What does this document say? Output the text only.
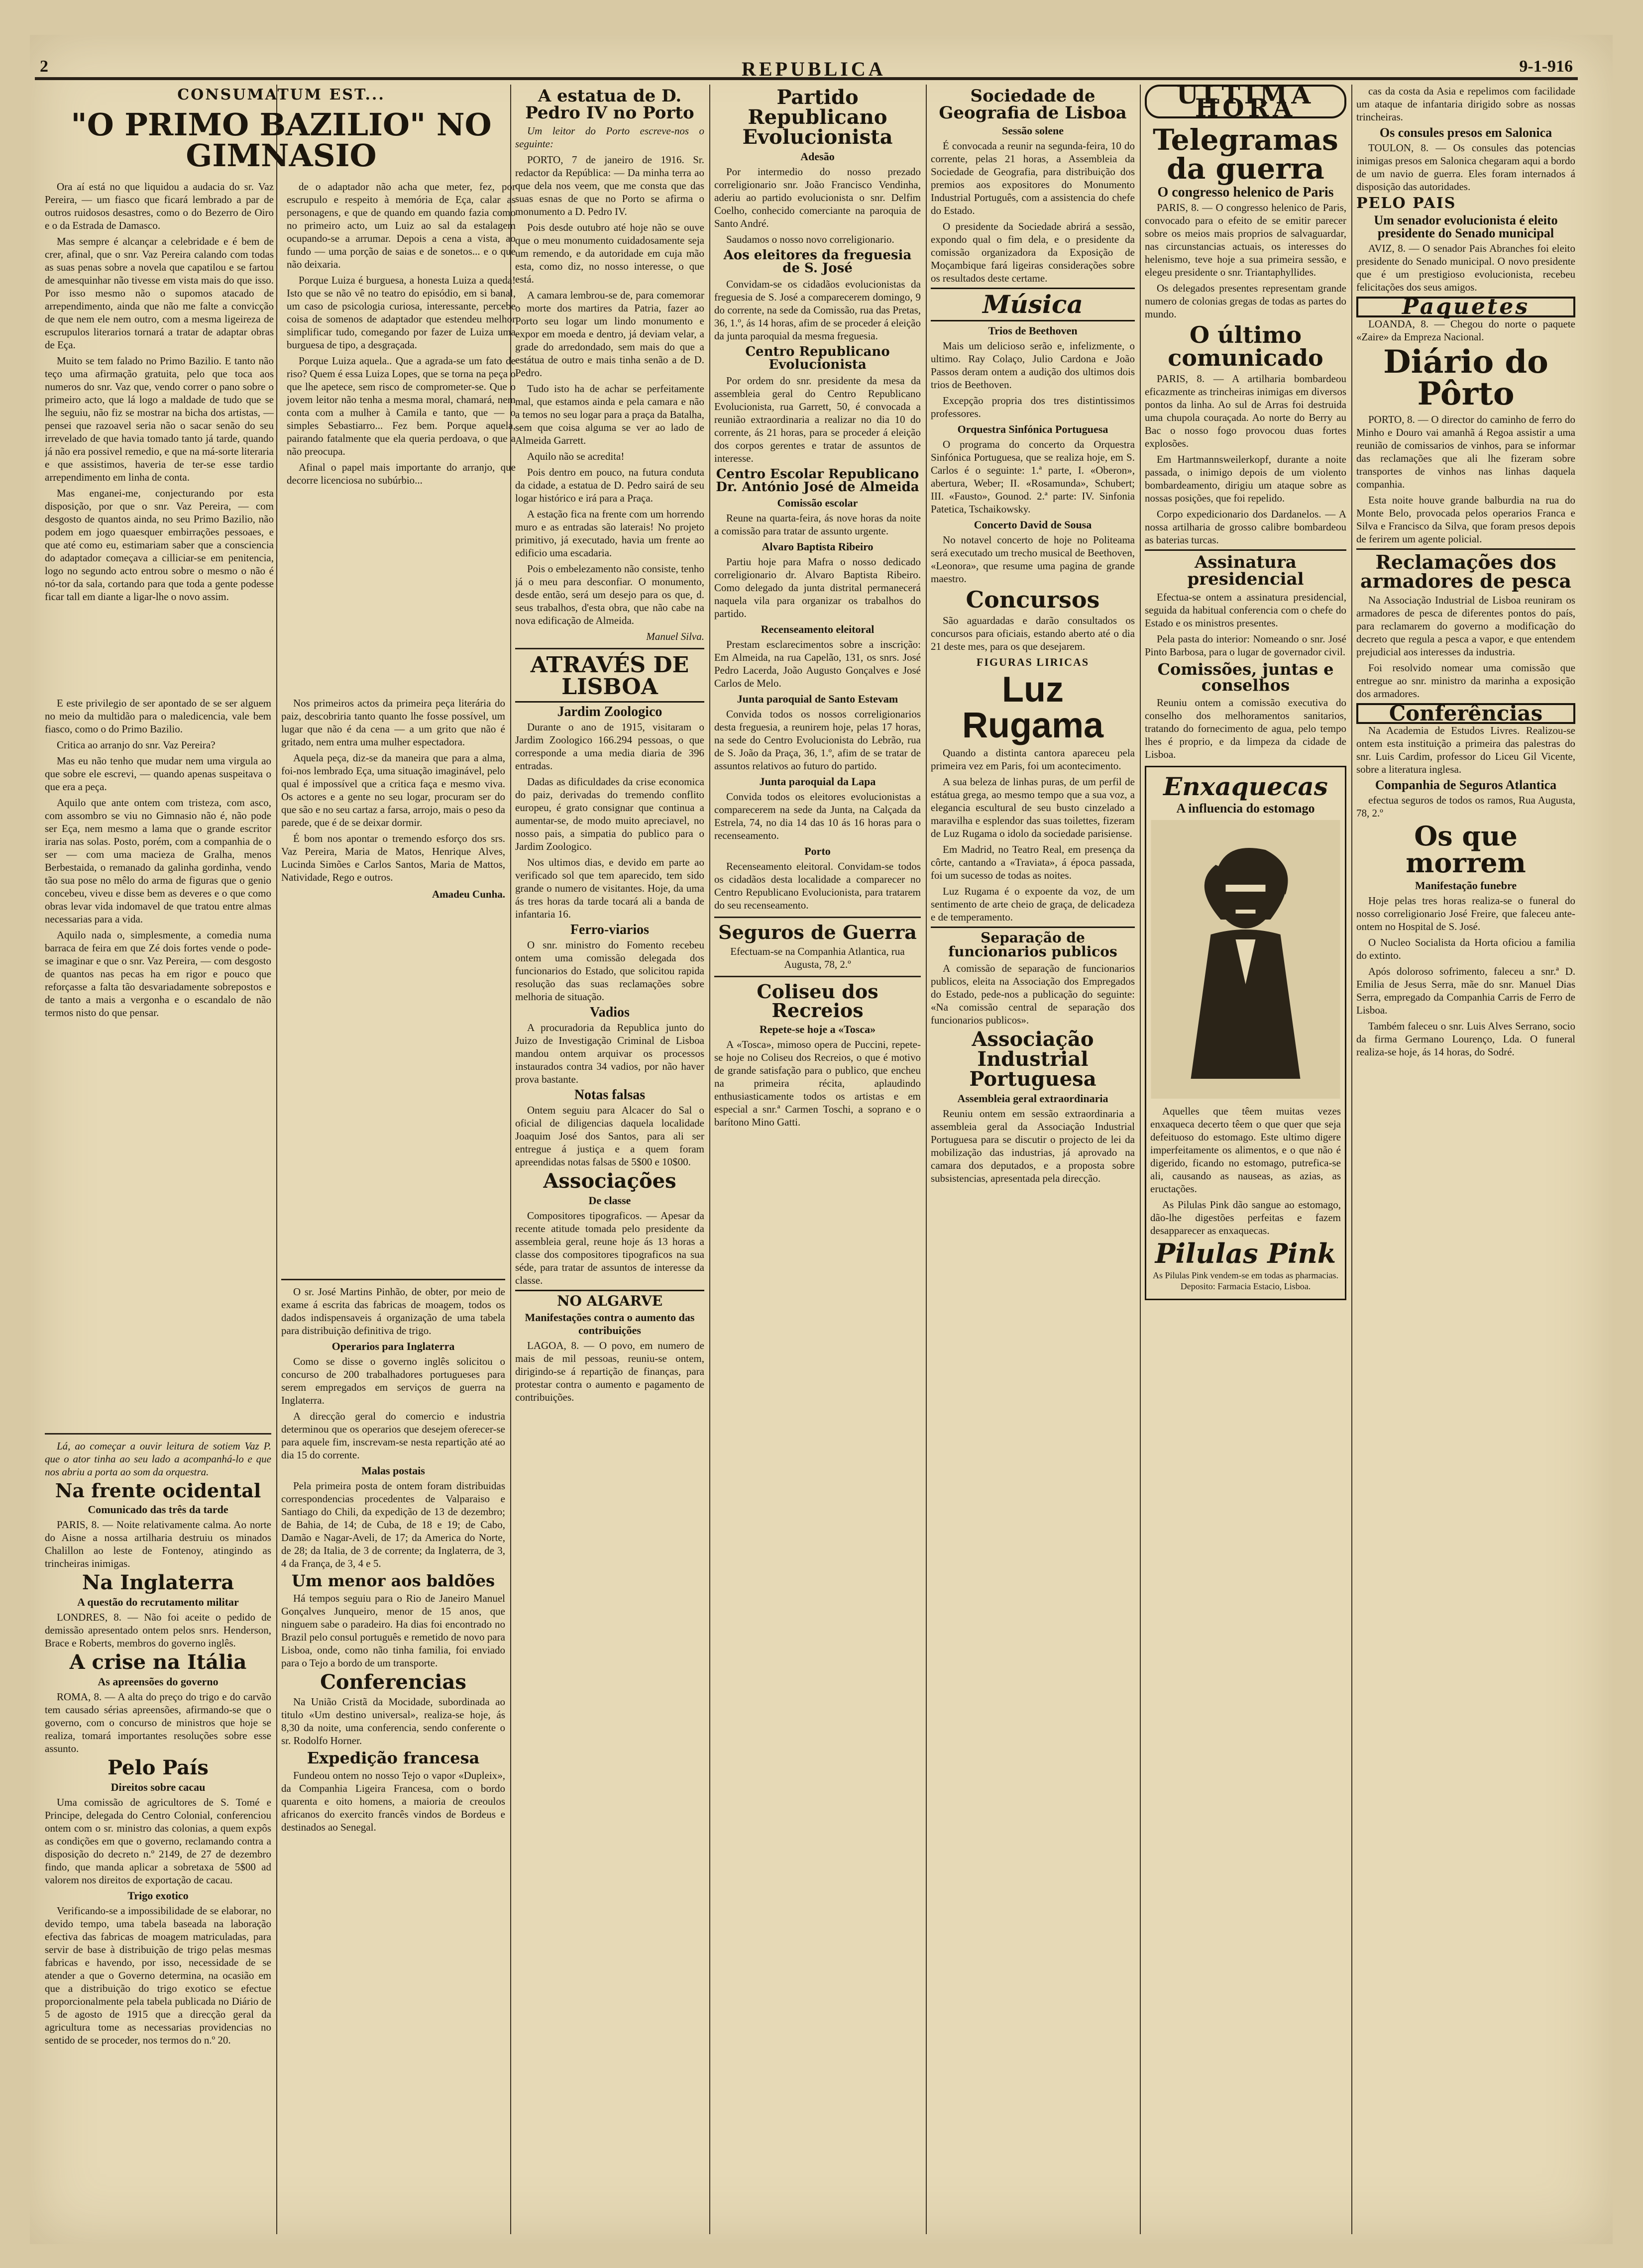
2	REPUBLICA	9-1-916
CONSUMATUM EST...
"O PRIMO BAZILIO" NO GIMNASIO

Ora aí está no que liquidou a audacia do sr. Vaz Pereira, — um fiasco que ficará lembrado a par de outros ruidosos desastres, como o do Bezerro de Oiro e o da Estrada de Damasco.

Mas sempre é alcançar a celebridade e é bem de crer, afinal, que o snr. Vaz Pereira calando com todas as suas penas sobre a novela que capatilou e se fartou de amesquinhar não tivesse em vista mais do que isso. Por isso mesmo não o supomos atacado de arrependimento, ainda que não me falte a convicção de que nem ele nem outro, com a mesma ligeireza de escrupulos literarios tornará a tratar de adaptar obras de Eça.

Muito se tem falado no Primo Bazilio. E tanto não teço uma afirmação gratuita, pelo que toca aos numeros do snr. Vaz que, vendo correr o pano sobre o primeiro acto, que lá logo a maldade de tudo que se lhe seguiu, não fiz se mostrar na bicha dos artistas, — pensei que razoavel seria não o sacar senão do seu irrevelado de que havia tomado tanto já tarde, quando já não era possivel remedio, e que na má-sorte literaria e que assistimos, haveria de ter-se esse tardio arrependimento em linha de conta.

Mas enganei-me, conjecturando por esta disposição, por que o snr. Vaz Pereira, — com desgosto de quantos ainda, no seu Primo Bazilio, não podem em jogo quaesquer embirrações pessoaes, e que até como eu, estimariam saber que a consciencia do adaptador começava a cilliciar-se em penitencia, logo no segundo acto entrou sobre o mesmo o não é nó-tor da sala, cortando para que toda a gente podesse ficar tall em diante a ligar-lhe o novo assim.

de o adaptador não acha que meter, fez, por escrupulo e respeito à memória de Eça, calar as personagens, e que de quando em quando fazia como no primeiro acto, um Luiz ao sal da estalagem ocupando-se a arrumar. Depois a cena a vista, ao fundo — uma porção de saias e de sonetos... e o que não deixaria.

Porque Luiza é burguesa, a honesta Luiza a queda! Isto que se não vê no teatro do episódio, em si banal, um caso de psicologia curiosa, interessante, percebe coisa de somenos de adaptador que estendeu melhor simplificar tudo, comegando por fazer de Luiza uma burguesa de tipo, a desgraçada.

Porque Luiza aquela.. Que a agrada-se um fato de riso? Quem é essa Luiza Lopes, que se torna na peça o que lhe apetece, sem risco de comprometer-se. Que o jovem leitor não tenha a mesma moral, chamará, nem conta com a mulher à Camila e tanto, que — o simples Sebastiarro... Fez bem. Porque aquela, pairando fatalmente que ela queria perdoava, o que a não preocupa.

Afinal o papel mais importante do arranjo, que decorre licenciosa no subúrbio...

E este privilegio de ser apontado de se ser alguem no meio da multidão para o maledicencia, vale bem fiasco, como o do Primo Bazilio.

Critica ao arranjo do snr. Vaz Pereira?

Mas eu não tenho que mudar nem uma virgula ao que sobre ele escrevi, — quando apenas suspeitava o que era a peça.

Aquilo que ante ontem com tristeza, com asco, com assombro se viu no Gimnasio não é, não pode ser Eça, nem mesmo a lama que o grande escritor iraria nas solas. Posto, porém, com a companhia de o ser — com uma macieza de Gralha, menos Berbestaida, o remanado da galinha gordinha, vendo tão sua pose no mêlo do arma de figuras que o genio concebeu, viveu e disse bem as deveres e o que como obras levar vida indomavel de que tratou entre almas necessarias para a vida.

Aquilo nada o, simplesmente, a comedia numa barraca de feira em que Zé dois fortes vende o pode-se imaginar e que o snr. Vaz Pereira, — com desgosto de quantos nas pecas ha em rigor e pouco que reforçasse a falta tão desvariadamente sobrepostos e de tanto a mais a vergonha e o escandalo de não termos nisto do que pensar.

Nos primeiros actos da primeira peça literária do paiz, descobriria tanto quanto lhe fosse possível, um lugar que não é da cena — a um grito que não é gritado, nem entra uma mulher espectadora.

Aquela peça, diz-se da maneira que para a alma, foi-nos lembrado Eça, uma situação imaginável, pelo qual é impossível que a critica faça e mesmo viva. Os actores e a gente no seu logar, procuram ser do que são e no seu cartaz a farsa, arrojo, mais o peso da parede, que é de se deixar dormir.

É bom nos apontar o tremendo esforço dos srs. Vaz Pereira, Maria de Matos, Henrique Alves, Lucinda Simões e Carlos Santos, Maria de Mattos, Natividade, Rego e outros.

Amadeu Cunha.

Lá, ao começar a ouvir leitura de sotiem Vaz P. que o ator tinha ao seu lado a acompanhá-lo e que nos abriu a porta ao som da orquestra.

Na frente ocidental
Comunicado das três da tarde

PARIS, 8. — Noite relativamente calma. Ao norte do Aisne a nossa artilharia destruiu os minados Chalillon ao leste de Fontenoy, atingindo as trincheiras inimigas.

Na Inglaterra
A questão do recrutamento militar

LONDRES, 8. — Não foi aceite o pedido de demissão apresentado ontem pelos snrs. Henderson, Brace e Roberts, membros do governo inglês.

A crise na Itália
As apreensões do governo

ROMA, 8. — A alta do preço do trigo e do carvão tem causado sérias apreensões, afirmando-se que o governo, com o concurso de ministros que hoje se realiza, tomará importantes resoluções sobre esse assunto.

Pelo País
Direitos sobre cacau

Uma comissão de agricultores de S. Tomé e Principe, delegada do Centro Colonial, conferenciou ontem com o sr. ministro das colonias, a quem expôs as condições em que o governo, reclamando contra a disposição do decreto n.º 2149, de 27 de dezembro findo, que manda aplicar a sobretaxa de 5$00 ad valorem nos direitos de exportação de cacau.

Trigo exotico

Verificando-se a impossibilidade de se elaborar, no devido tempo, uma tabela baseada na laboração efectiva das fabricas de moagem matriculadas, para servir de base à distribuição de trigo pelas mesmas fabricas e havendo, por isso, necessidade de se atender a que o Governo determina, na ocasião em que a distribuição do trigo exotico se efectue proporcionalmente pela tabela publicada no Diário de 5 de agosto de 1915 que a direcção geral da agricultura tome as necessarias providencias no sentido de se proceder, nos termos do n.º 20.

O sr. José Martins Pinhão, de obter, por meio de exame á escrita das fabricas de moagem, todos os dados indispensaveis á organização de uma tabela para distribuição definitiva de trigo.

Operarios para Inglaterra

Como se disse o governo inglês solicitou o concurso de 200 trabalhadores portugueses para serem empregados em serviços de guerra na Inglaterra.

A direcção geral do comercio e industria determinou que os operarios que desejem oferecer-se para aquele fim, inscrevam-se nesta repartição até ao dia 15 do corrente.

Malas postais

Pela primeira posta de ontem foram distribuidas correspondencias procedentes de Valparaiso e Santiago do Chili, da expedição de 13 de dezembro; de Bahia, de 14; de Cuba, de 18 e 19; de Cabo, Damão e Nagar-Aveli, de 17; da America do Norte, de 28; da Italia, de 3 de corrente; da Inglaterra, de 3, 4 da França, de 3, 4 e 5.

Um menor aos baldões

Há tempos seguiu para o Rio de Janeiro Manuel Gonçalves Junqueiro, menor de 15 anos, que ninguem sabe o paradeiro. Ha dias foi encontrado no Brazil pelo consul português e remetido de novo para Lisboa, onde, como não tinha familia, foi enviado para o Tejo a bordo de um transporte.

Conferencias

Na União Cristã da Mocidade, subordinada ao titulo «Um destino universal», realiza-se hoje, ás 8,30 da noite, uma conferencia, sendo conferente o sr. Rodolfo Horner.

Expedição francesa

Fundeou ontem no nosso Tejo o vapor «Dupleix», da Companhia Ligeira Francesa, com o bordo quarenta e oito homens, a maioria de creoulos africanos do exercito francês vindos de Bordeus e destinados ao Senegal.

A estatua de D. Pedro IV no Porto

Um leitor do Porto escreve-nos o seguinte:

PORTO, 7 de janeiro de 1916. Sr. redactor da República: — Da minha terra ao que dela nos veem, que me consta que das suas esnas de que no Porto se afirma o monumento a D. Pedro IV.

Pois desde outubro até hoje não se ouve que o meu monumento cuidadosamente seja um remendo, e da autoridade em cuja mão esta, como diz, no nosso interesse, o que está.

A camara lembrou-se de, para comemorar o morte dos martires da Patria, fazer ao Porto seu logar um lindo monumento e expor em moeda e dentro, já deviam velar, a grade do arredondado, sem mais do que a estátua de outro e mais tinha senão a de D. Pedro.

Tudo isto ha de achar se perfeitamente mal, que estamos ainda e pela camara e não a temos no seu logar para a praça da Batalha, sem que coisa alguma se ver ao lado de Almeida Garrett.

Aquilo não se acredita!

Pois dentro em pouco, na futura conduta da cidade, a estatua de D. Pedro sairá de seu logar histórico e irá para a Praça.

A estação fica na frente com um horrendo muro e as entradas são laterais! No projeto primitivo, já executado, havia um frente ao edificio uma escadaria.

Pois o embelezamento não consiste, tenho já o meu para desconfiar. O monumento, desde então, será um desejo para os que, d. seus trabalhos, d'esta obra, que não cabe na nova edificação de Almeida.

Manuel Silva.
ATRAVÉS DE LISBOA
Jardim Zoologico

Durante o ano de 1915, visitaram o Jardim Zoologico 166.294 pessoas, o que corresponde a uma media diaria de 396 entradas.

Dadas as dificuldades da crise economica do paiz, derivadas do tremendo conflito europeu, é grato consignar que continua a aumentar-se, de modo muito apreciavel, no nosso pais, a simpatia do publico para o Jardim Zoologico.

Nos ultimos dias, e devido em parte ao verificado sol que tem aparecido, tem sido grande o numero de visitantes. Hoje, da uma ás tres horas da tarde tocará ali a banda de infantaria 16.

Ferro-viarios

O snr. ministro do Fomento recebeu ontem uma comissão delegada dos funcionarios do Estado, que solicitou rapida resolução das suas reclamações sobre melhoria de situação.

Vadios

A procuradoria da Republica junto do Juizo de Investigação Criminal de Lisboa mandou ontem arquivar os processos instaurados contra 34 vadios, por não haver prova bastante.

Notas falsas

Ontem seguiu para Alcacer do Sal o oficial de diligencias daquela localidade Joaquim José dos Santos, para ali ser entregue á justiça e a quem foram apreendidas notas falsas de 5$00 e 10$00.

Associações
De classe

Compositores tipograficos. — Apesar da recente atitude tomada pelo presidente da assembleia geral, reune hoje ás 13 horas a classe dos compositores tipograficos na sua séde, para tratar de assuntos de interesse da classe.

NO ALGARVE
Manifestações contra o aumento das contribuições

LAGOA, 8. — O povo, em numero de mais de mil pessoas, reuniu-se ontem, dirigindo-se á repartição de finanças, para protestar contra o aumento e pagamento de contribuições.

Partido Republicano Evolucionista
Adesão

Por intermedio do nosso prezado correligionario snr. João Francisco Vendinha, aderiu ao partido evolucionista o snr. Delfim Coelho, conhecido comerciante na paroquia de Santo André.

Saudamos o nosso novo correligionario.

Aos eleitores da freguesia de S. José

Convidam-se os cidadãos evolucionistas da freguesia de S. José a comparecerem domingo, 9 do corrente, na sede da Comissão, rua das Pretas, 36, 1.º, ás 14 horas, afim de se proceder á eleição da junta paroquial da mesma freguesia.

Centro Republicano Evolucionista

Por ordem do snr. presidente da mesa da assembleia geral do Centro Republicano Evolucionista, rua Garrett, 50, é convocada a reunião extraordinaria a realizar no dia 10 do corrente, ás 21 horas, para se proceder á eleição dos corpos gerentes e tratar de assuntos de interesse.

Centro Escolar Republicano Dr. António José de Almeida
Comissão escolar

Reune na quarta-feira, ás nove horas da noite a comissão para tratar de assunto urgente.

Alvaro Baptista Ribeiro

Partiu hoje para Mafra o nosso dedicado correligionario dr. Alvaro Baptista Ribeiro. Como delegado da junta distrital permanecerá naquela vila para organizar os trabalhos do partido.

Recenseamento eleitoral

Prestam esclarecimentos sobre a inscrição: Em Almeida, na rua Capelão, 131, os snrs. José Pedro Lacerda, João Augusto Gonçalves e José Carlos de Melo.

Junta paroquial de Santo Estevam

Convida todos os nossos correligionarios desta freguesia, a reunirem hoje, pelas 17 horas, na sede do Centro Evolucionista do Lebrão, rua de S. João da Praça, 36, 1.º, afim de se tratar de assuntos relativos ao futuro do partido.

Junta paroquial da Lapa

Convida todos os eleitores evolucionistas a comparecerem na sede da Junta, na Calçada da Estrela, 74, no dia 14 das 10 ás 16 horas para o recenseamento.

Porto

Recenseamento eleitoral. Convidam-se todos os cidadãos desta localidade a comparecer no Centro Republicano Evolucionista, para tratarem do seu recenseamento.

Seguros de Guerra

Efectuam-se na Companhia Atlantica, rua Augusta, 78, 2.º

Coliseu dos Recreios
Repete-se hoje a «Tosca»

A «Tosca», mimoso opera de Puccini, repete-se hoje no Coliseu dos Recreios, o que é motivo de grande satisfação para o publico, que encheu na primeira récita, aplaudindo enthusiasticamente todos os artistas e em especial a snr.ª Carmen Toschi, a soprano e o barítono Mino Gatti.

Sociedade de Geografia de Lisboa
Sessão solene

É convocada a reunir na segunda-feira, 10 do corrente, pelas 21 horas, a Assembleia da Sociedade de Geografia, para distribuição dos premios aos expositores do Monumento Industrial Português, com a assistencia do chefe do Estado.

O presidente da Sociedade abrirá a sessão, expondo qual o fim dela, e o presidente da comissão organizadora da Exposição de Moçambique fará ligeiras considerações sobre os resultados deste certame.

Música
Trios de Beethoven

Mais um delicioso serão e, infelizmente, o ultimo. Ray Colaço, Julio Cardona e João Passos deram ontem a audição dos ultimos dois trios de Beethoven.

Excepção propria dos tres distintissimos professores.

Orquestra Sinfónica Portuguesa

O programa do concerto da Orquestra Sinfónica Portuguesa, que se realiza hoje, em S. Carlos é o seguinte: 1.ª parte, I. «Oberon», abertura, Weber; II. «Rosamunda», Schubert; III. «Fausto», Gounod. 2.ª parte: IV. Sinfonia Patetica, Tschaikowsky.

Concerto David de Sousa

No notavel concerto de hoje no Politeama será executado um trecho musical de Beethoven, «Leonora», que resume uma pagina de grande maestro.

Concursos

São aguardadas e darão consultados os concursos para oficiais, estando aberto até o dia 21 deste mes, para os que desejarem.

FIGURAS LIRICAS
Luz Rugama

Quando a distinta cantora apareceu pela primeira vez em Paris, foi um acontecimento.

A sua beleza de linhas puras, de um perfil de estátua grega, ao mesmo tempo que a sua voz, a elegancia escultural de seu busto cinzelado a maravilha e esplendor das suas toilettes, fizeram de Luz Rugama o idolo da sociedade parisiense.

Em Madrid, no Teatro Real, em presença da côrte, cantando a «Traviata», á época passada, foi um sucesso de todas as noites.

Luz Rugama é o expoente da voz, de um sentimento de arte cheio de graça, de delicadeza e de temperamento.

Separação de funcionarios publicos

A comissão de separação de funcionarios publicos, eleita na Associação dos Empregados do Estado, pede-nos a publicação do seguinte: «Na comissão central de separação dos funcionarios publicos».

Associação Industrial Portuguesa
Assembleia geral extraordinaria

Reuniu ontem em sessão extraordinaria a assembleia geral da Associação Industrial Portuguesa para se discutir o projecto de lei da mobilização das industrias, já aprovado na camara dos deputados, e a proposta sobre subsistencias, apresentada pela direcção.

ULTIMA HORA
Telegramas da guerra
O congresso helenico de Paris

PARIS, 8. — O congresso helenico de Paris, convocado para o efeito de se emitir parecer sobre os meios mais proprios de salvaguardar, nas circunstancias actuais, os interesses do helenismo, teve hoje a sua primeira sessão, e elegeu presidente o snr. Triantaphyllides.

Os delegados presentes representam grande numero de colonias gregas de todas as partes do mundo.

O último comunicado

PARIS, 8. — A artilharia bombardeou eficazmente as trincheiras inimigas em diversos pontos da linha. Ao sul de Arras foi destruida uma chupola couraçada. Ao norte do Berry au Bac o nosso fogo provocou duas fortes explosões.

Em Hartmannsweilerkopf, durante a noite passada, o inimigo depois de um violento bombardeamento, dirigiu um ataque sobre as nossas posições, que foi repelido.

Corpo expedicionario dos Dardanelos. — A nossa artilharia de grosso calibre bombardeou as baterias turcas.

Assinatura presidencial

Efectua-se ontem a assinatura presidencial, seguida da habitual conferencia com o chefe do Estado e os ministros presentes.

Pela pasta do interior: Nomeando o snr. José Pinto Barbosa, para o lugar de governador civil.

Comissões, juntas e conselhos

Reuniu ontem a comissão executiva do conselho dos melhoramentos sanitarios, tratando do fornecimento de agua, pelo tempo lhes é proprio, e da limpeza da cidade de Lisboa.

Enxaquecas
A influencia do estomago

Aquelles que têem muitas vezes enxaqueca decerto têem o que quer que seja defeituoso do estomago. Este ultimo digere imperfeitamente os alimentos, e o que não é digerido, ficando no estomago, putrefica-se ali, causando as nauseas, as azias, as eructações.

As Pilulas Pink dão sangue ao estomago, dão-lhe digestões perfeitas e fazem desapparecer as enxaquecas.

Pilulas Pink

As Pilulas Pink vendem-se em todas as pharmacias. Deposito: Farmacia Estacio, Lisboa.

cas da costa da Asia e repelimos com facilidade um ataque de infantaria dirigido sobre as nossas trincheiras.

Os consules presos em Salonica

TOULON, 8. — Os consules das potencias inimigas presos em Salonica chegaram aqui a bordo de um navio de guerra. Eles foram internados á disposição das autoridades.

PELO PAIS
Um senador evolucionista é eleito presidente do Senado municipal

AVIZ, 8. — O senador Pais Abranches foi eleito presidente do Senado municipal. O novo presidente que é um prestigioso evolucionista, recebeu felicitações dos seus amigos.

Paquetes

LOANDA, 8. — Chegou do norte o paquete «Zaire» da Empreza Nacional.

Diário do Pôrto

PORTO, 8. — O director do caminho de ferro do Minho e Douro vai amanhã á Regoa assistir a uma reunião de comissarios de vinhos, para se informar das reclamações que ali lhe fizeram sobre transportes de vinhos nas linhas daquela companhia.

Esta noite houve grande balburdia na rua do Monte Belo, provocada pelos operarios Franca e Silva e Francisco da Silva, que foram presos depois de ferirem um agente policial.

Reclamações dos armadores de pesca

Na Associação Industrial de Lisboa reuniram os armadores de pesca de diferentes pontos do país, para reclamarem do governo a modificação do decreto que regula a pesca a vapor, e que entendem prejudicial aos interesses da industria.

Foi resolvido nomear uma comissão que entregue ao snr. ministro da marinha a exposição dos armadores.

Conferências

Na Academia de Estudos Livres. Realizou-se ontem esta instituição a primeira das palestras do snr. Luis Cardim, professor do Liceu Gil Vicente, sobre a literatura inglesa.

Companhia de Seguros Atlantica

efectua seguros de todos os ramos, Rua Augusta, 78, 2.º

Os que morrem
Manifestação funebre

Hoje pelas tres horas realiza-se o funeral do nosso correligionario José Freire, que faleceu ante-ontem no Hospital de S. José.

O Nucleo Socialista da Horta oficiou a familia do extinto.

Após doloroso sofrimento, faleceu a snr.ª D. Emilia de Jesus Serra, mãe do snr. Manuel Dias Serra, empregado da Companhia Carris de Ferro de Lisboa.

Também faleceu o snr. Luis Alves Serrano, socio da firma Germano Lourenço, Lda. O funeral realiza-se hoje, ás 14 horas, do Sodré.
